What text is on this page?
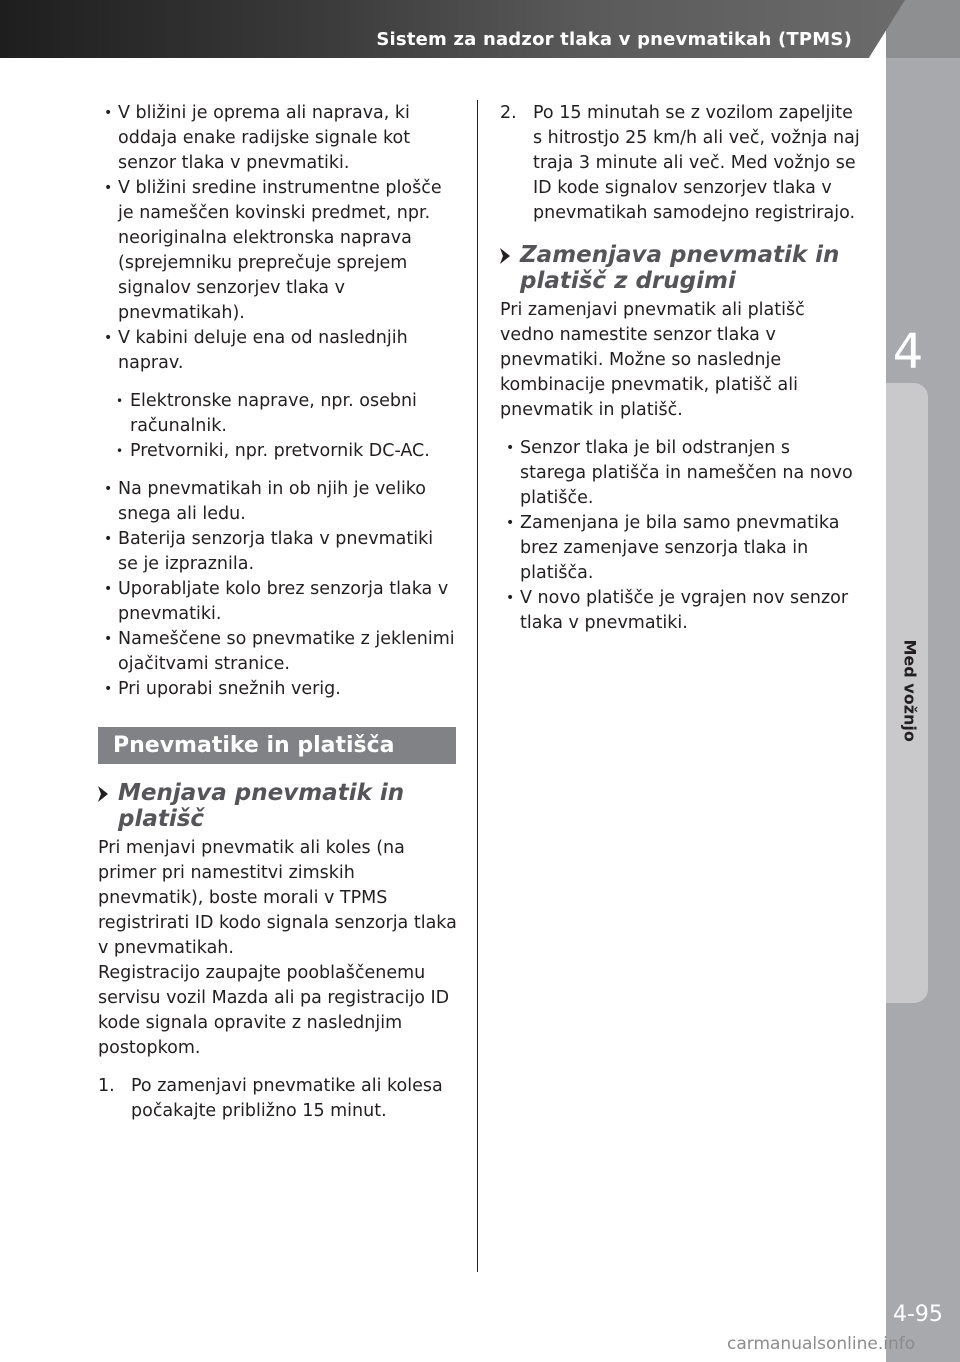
Sistem za nadzor tlaka v pnevmatikah (TPMS)
4
Med vožnjo
4-95
carmanualsonline.info

• V bližini je oprema ali naprava, ki oddaja enake radijske signale kot senzor tlaka v pnevmatiki.

• V bližini sredine instrumentne plošče je nameščen kovinski predmet, npr. neoriginalna elektronska naprava (sprejemniku preprečuje sprejem signalov senzorjev tlaka v pnevmatikah).

• V kabini deluje ena od naslednjih naprav.

• Elektronske naprave, npr. osebni računalnik.

• Pretvorniki, npr. pretvornik DC-AC.

• Na pnevmatikah in ob njih je veliko snega ali ledu.

• Baterija senzorja tlaka v pnevmatiki se je izpraznila.

• Uporabljate kolo brez senzorja tlaka v pnevmatiki.

• Nameščene so pnevmatike z jeklenimi ojačitvami stranice.

• Pri uporabi snežnih verig.

Pnevmatike in platišča
Menjava pnevmatik in platišč

Pri menjavi pnevmatik ali koles (na primer pri namestitvi zimskih pnevmatik), boste morali v TPMS registrirati ID kodo signala senzorja tlaka v pnevmatikah.

Registracijo zaupajte pooblaščenemu servisu vozil Mazda ali pa registracijo ID kode signala opravite z naslednjim postopkom.

1. Po zamenjavi pnevmatike ali kolesa počakajte približno 15 minut.
2. Po 15 minutah se z vozilom zapeljite s hitrostjo 25 km/h ali več, vožnja naj traja 3 minute ali več. Med vožnjo se ID kode signalov senzorjev tlaka v pnevmatikah samodejno registrirajo.
Zamenjava pnevmatik in platišč z drugimi

Pri zamenjavi pnevmatik ali platišč vedno namestite senzor tlaka v pnevmatiki. Možne so naslednje kombinacije pnevmatik, platišč ali pnevmatik in platišč.

• Senzor tlaka je bil odstranjen s starega platišča in nameščen na novo platišče.

• Zamenjana je bila samo pnevmatika brez zamenjave senzorja tlaka in platišča.

• V novo platišče je vgrajen nov senzor tlaka v pnevmatiki.
